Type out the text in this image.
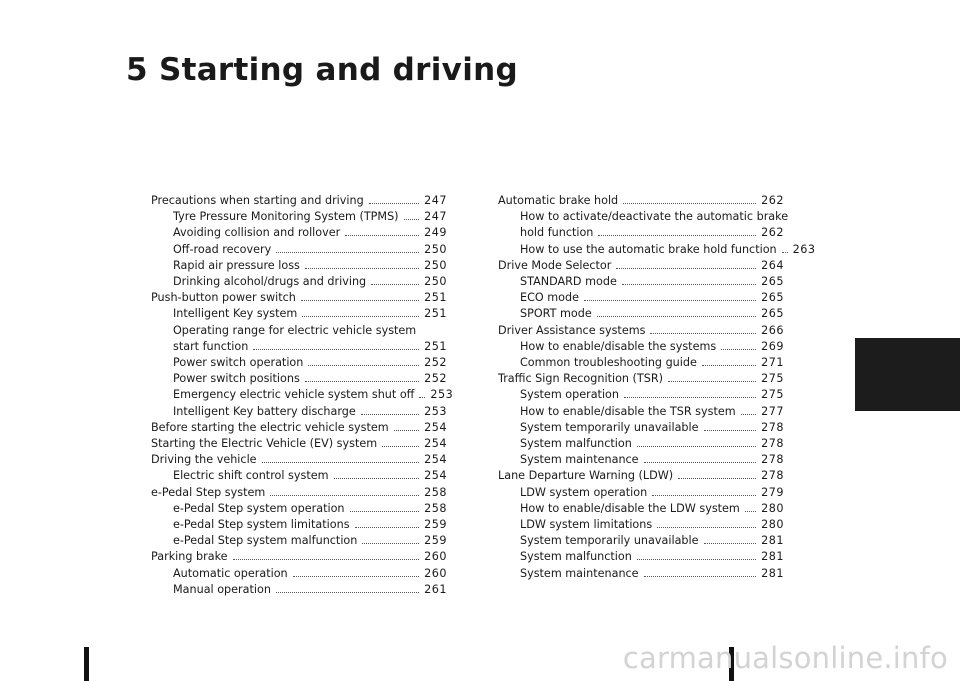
5 Starting and driving
Precautions when starting and driving	247
Tyre Pressure Monitoring System (TPMS) 247
Avoiding collision and rollover	249
Off-road recovery	250
Rapid air pressure loss	250
Drinking alcohol/drugs and driving	250
Push-button power switch	251
Intelligent Key system	251
Operating range for electric vehicle system
start function	251
Power switch operation	252
Power switch positions	252
Emergency electric vehicle system shut off 253
Intelligent Key battery discharge	253
Before starting the electric vehicle system	254
Starting the Electric Vehicle (EV) system	254
Driving the vehicle	254
Electric shift control system	254
e-Pedal Step system	258
e-Pedal Step system operation	258
e-Pedal Step system limitations	259
e-Pedal Step system malfunction	259
Parking brake	260
Automatic operation	260
Manual operation	261
Automatic brake hold	262
How to activate/deactivate the automatic brake
hold function	262
How to use the automatic brake hold function 263
Drive Mode Selector	264
STANDARD mode	265
ECO mode	265
SPORT mode	265
Driver Assistance systems	266
How to enable/disable the systems	269
Common troubleshooting guide	271
Traffic Sign Recognition (TSR)	275
System operation	275
How to enable/disable the TSR system 277
System temporarily unavailable	278
System malfunction	278
System maintenance	278
Lane Departure Warning (LDW)	278
LDW system operation	279
How to enable/disable the LDW system 280
LDW system limitations	280
System temporarily unavailable	281
System malfunction	281
System maintenance	281
carmanualsonline.info
